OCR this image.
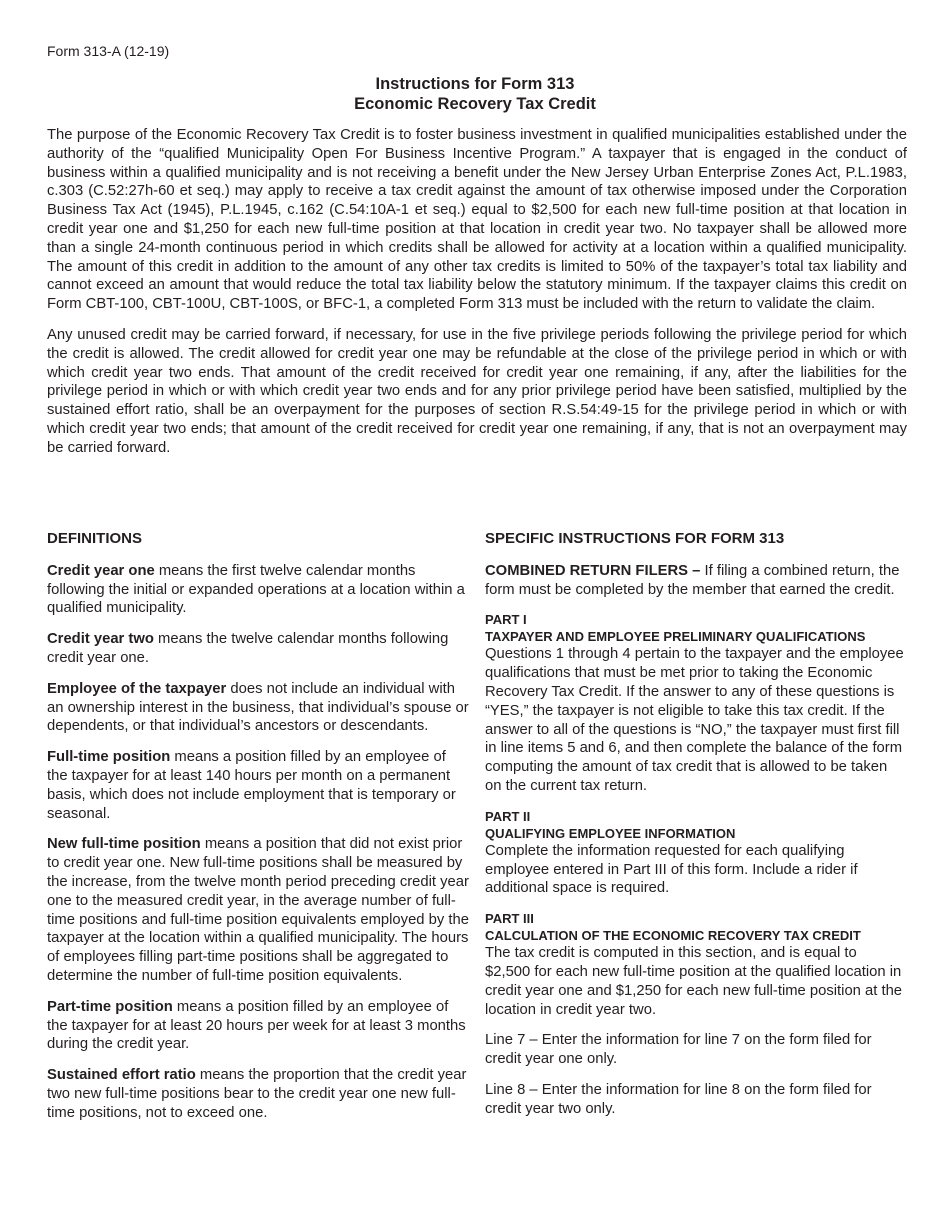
Form 313-A (12-19)
Instructions for Form 313
Economic Recovery Tax Credit

The purpose of the Economic Recovery Tax Credit is to foster business investment in qualified municipalities established under the authority of the “qualified Municipality Open For Business Incentive Program.” A taxpayer that is engaged in the conduct of business within a qualified municipality and is not receiving a benefit under the New Jersey Urban Enterprise Zones Act, P.L.1983, c.303 (C.52:27h-60 et seq.) may apply to receive a tax credit against the amount of tax otherwise imposed under the Corporation Business Tax Act (1945), P.L.1945, c.162 (C.54:10A-1 et seq.) equal to $2,500 for each new full-time position at that location in credit year one and $1,250 for each new full-time position at that location in credit year two. No taxpayer shall be allowed more than a single 24-month continuous period in which credits shall be allowed for activity at a location within a qualified municipality. The amount of this credit in addition to the amount of any other tax credits is limited to 50% of the taxpayer’s total tax liability and cannot exceed an amount that would reduce the total tax liability below the statutory minimum. If the taxpayer claims this credit on Form CBT-100, CBT-100U, CBT-100S, or BFC-1, a completed Form 313 must be included with the return to validate the claim.

Any unused credit may be carried forward, if necessary, for use in the five privilege periods following the privilege period for which the credit is allowed. The credit allowed for credit year one may be refundable at the close of the privilege period in which or with which credit year two ends. That amount of the credit received for credit year one remaining, if any, after the liabilities for the privilege period in which or with which credit year two ends and for any prior privilege period have been satisfied, multiplied by the sustained effort ratio, shall be an overpayment for the purposes of section R.S.54:49-15 for the privilege period in which or with which credit year two ends; that amount of the credit received for credit year one remaining, if any, that is not an overpayment may be carried forward.

DEFINITIONS

Credit year one means the first twelve calendar months following the initial or expanded operations at a location within a qualified municipality.

Credit year two means the twelve calendar months following credit year one.

Employee of the taxpayer does not include an individual with an ownership interest in the business, that individual’s spouse or dependents, or that individual’s ancestors or descendants.

Full-time position means a position filled by an employee of the taxpayer for at least 140 hours per month on a permanent basis, which does not include employment that is temporary or seasonal.

New full-time position means a position that did not exist prior to credit year one. New full-time positions shall be measured by the increase, from the twelve month period preceding credit year one to the measured credit year, in the average number of full-time positions and full-time position equivalents employed by the taxpayer at the location within a qualified municipality. The hours of employees filling part-time positions shall be aggregated to determine the number of full-time position equivalents.

Part-time position means a position filled by an employee of the taxpayer for at least 20 hours per week for at least 3 months during the credit year.

Sustained effort ratio means the proportion that the credit year two new full-time positions bear to the credit year one new full-time positions, not to exceed one.

SPECIFIC INSTRUCTIONS FOR FORM 313

COMBINED RETURN FILERS – If filing a combined return, the form must be completed by the member that earned the credit.

PART I
TAXPAYER AND EMPLOYEE PRELIMINARY QUALIFICATIONS
Questions 1 through 4 pertain to the taxpayer and the employee qualifications that must be met prior to taking the Economic Recovery Tax Credit. If the answer to any of these questions is “YES,” the taxpayer is not eligible to take this tax credit. If the answer to all of the questions is “NO,” the taxpayer must first fill in line items 5 and 6, and then complete the balance of the form computing the amount of tax credit that is allowed to be taken on the current tax return.
PART II
QUALIFYING EMPLOYEE INFORMATION
Complete the information requested for each qualifying employee entered in Part III of this form. Include a rider if additional space is required.
PART III
CALCULATION OF THE ECONOMIC RECOVERY TAX CREDIT
The tax credit is computed in this section, and is equal to $2,500 for each new full-time position at the qualified location in credit year one and $1,250 for each new full-time position at the location in credit year two.

Line 7 – Enter the information for line 7 on the form filed for credit year one only.

Line 8 – Enter the information for line 8 on the form filed for credit year two only.
